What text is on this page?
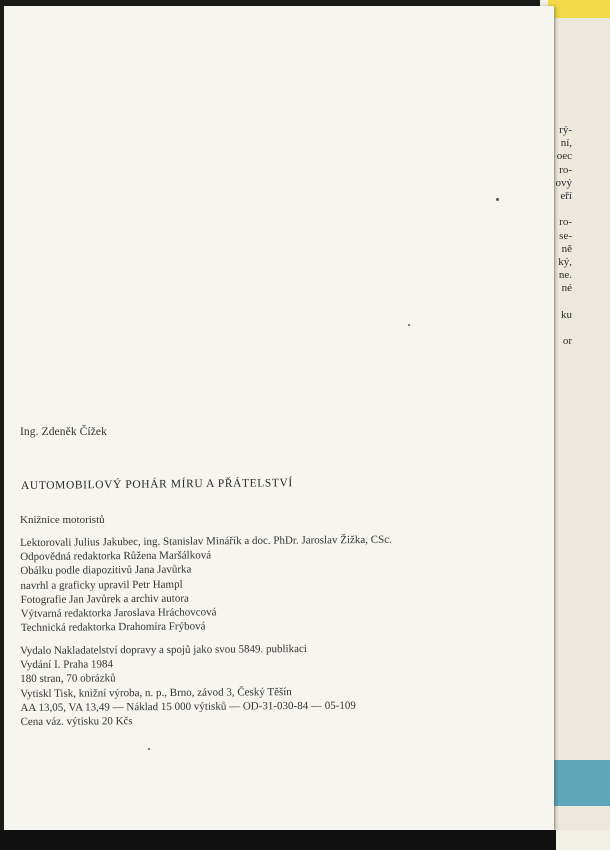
rý-
ní,
oec
ro-
ový
eří
ro-
se-
ně
ký,
ne.
né
ku
or
Ing. Zdeněk Čížek
AUTOMOBILOVÝ POHÁR MÍRU A PŘÁTELSTVÍ
Knižnice motoristů
Lektorovali Julius Jakubec, ing. Stanislav Minářík a doc. PhDr. Jaroslav Žižka, CSc.
Odpovědná redaktorka Růžena Maršálková
Obálku podle diapozitivů Jana Javůrka
navrhl a graficky upravil Petr Hampl
Fotografie Jan Javůrek a archiv autora
Výtvarná redaktorka Jaroslava Hráchovcová
Technická redaktorka Drahomíra Frýbová
Vydalo Nakladatelství dopravy a spojů jako svou 5849. publikaci
Vydání I. Praha 1984
180 stran, 70 obrázků
Vytiskl Tisk, knižní výroba, n. p., Brno, závod 3, Český Těšín
AA 13,05, VA 13,49 — Náklad 15 000 výtisků — OD-31-030-84 — 05-109
Cena váz. výtisku 20 Kčs
